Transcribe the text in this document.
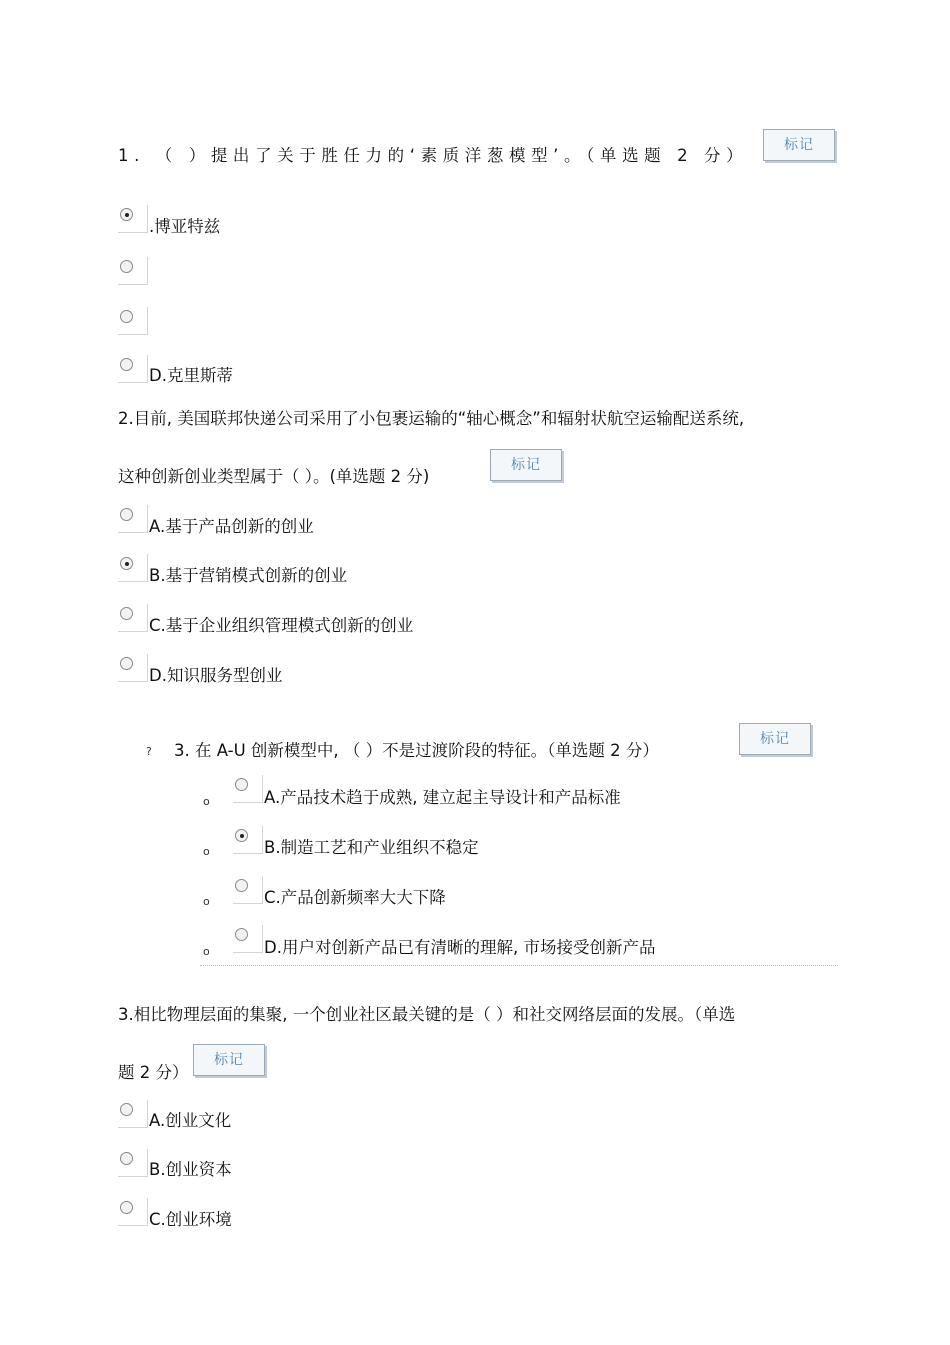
1. （ ）提出了关于胜任力的‘素质洋葱模型’。（单选题 2 分）
标记
.博亚特兹
D.克里斯蒂
2.目前, 美国联邦快递公司采用了小包裹运输的“轴心概念”和辐射状航空运输配送系统,
这种创新创业类型属于（ ）。(单选题 2 分)
标记
A.基于产品创新的创业
B.基于营销模式创新的创业
C.基于企业组织管理模式创新的创业
D.知识服务型创业
? 3. 在 A-U 创新模型中, （ ）不是过渡阶段的特征。（单选题 2 分）
标记
o	A.产品技术趋于成熟, 建立起主导设计和产品标准
o	B.制造工艺和产业组织不稳定
o	C.产品创新频率大大下降
o	D.用户对创新产品已有清晰的理解, 市场接受创新产品
3.相比物理层面的集聚, 一个创业社区最关键的是（ ）和社交网络层面的发展。（单选
题 2 分）
标记
A.创业文化
B.创业资本
C.创业环境
